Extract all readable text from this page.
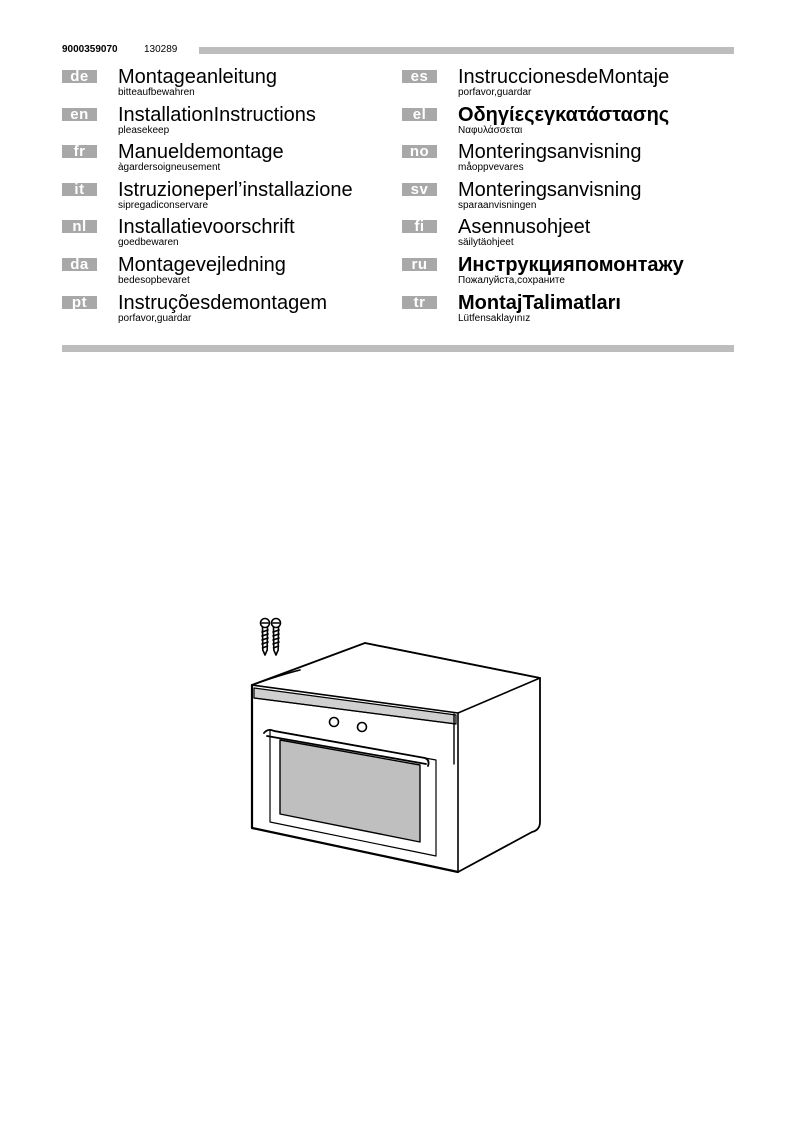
9000359070	130289
de	Montageanleitung
bitteaufbewahren
en	InstallationInstructions
pleasekeep
fr	Manueldemontage
àgardersoigneusement
it	Istruzioneperl’installazione
sipregadiconservare
nl	Installatievoorschrift
goedbewaren
da	Montagevejledning
bedesopbevaret
pt	Instruçõesdemontagem
porfavor,guardar
es	InstruccionesdeMontaje
porfavor,guardar
el	Οδηγίεςεγκατάστασης
Ναφυλάσσεται
no	Monteringsanvisning
måoppvevares
sv	Monteringsanvisning
sparaanvisningen
fi	Asennusohjeet
säilytäohjeet
ru	Инструкцияпомонтажу
Пожалуйста,сохраните
tr	MontajTalimatları
Lütfensaklayınız
